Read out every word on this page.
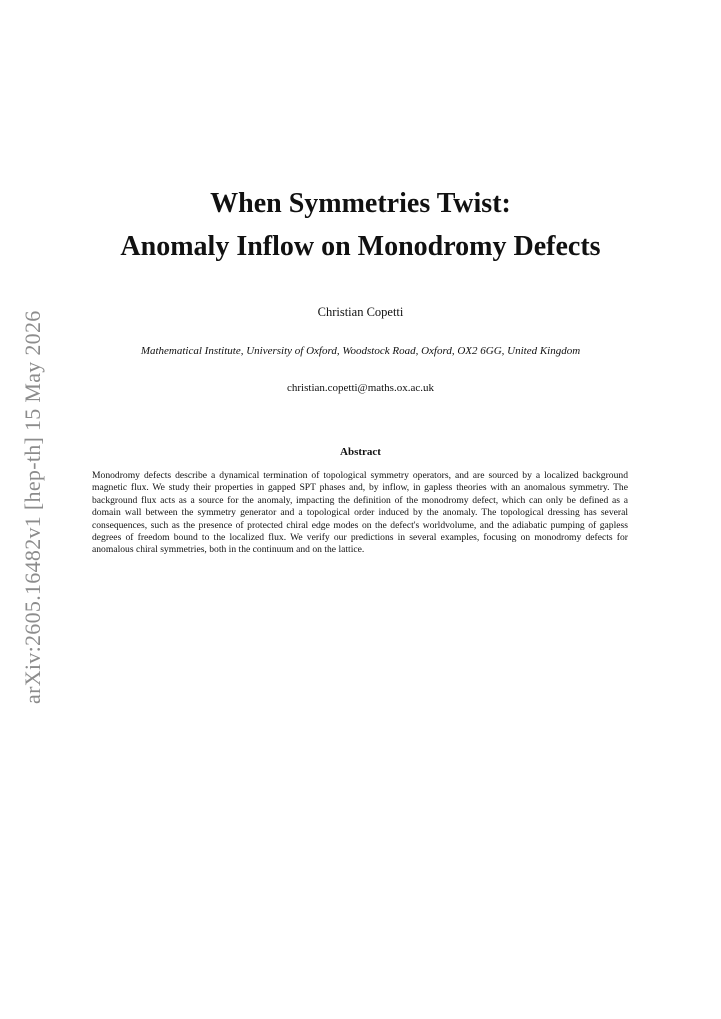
arXiv:2605.16482v1 [hep-th] 15 May 2026
When Symmetries Twist:
Anomaly Inflow on Monodromy Defects
Christian Copetti
Mathematical Institute, University of Oxford, Woodstock Road, Oxford, OX2 6GG, United Kingdom
christian.copetti@maths.ox.ac.uk
Abstract
Monodromy defects describe a dynamical termination of topological symmetry operators, and are sourced by a localized background magnetic flux. We study their properties in gapped SPT phases and, by inflow, in gapless theories with an anomalous symmetry. The background flux acts as a source for the anomaly, impacting the definition of the monodromy defect, which can only be defined as a domain wall between the symmetry generator and a topological order induced by the anomaly. The topological dressing has several consequences, such as the presence of protected chiral edge modes on the defect's worldvolume, and the adiabatic pumping of gapless degrees of freedom bound to the localized flux. We verify our predictions in several examples, focusing on monodromy defects for anomalous chiral symmetries, both in the continuum and on the lattice.
